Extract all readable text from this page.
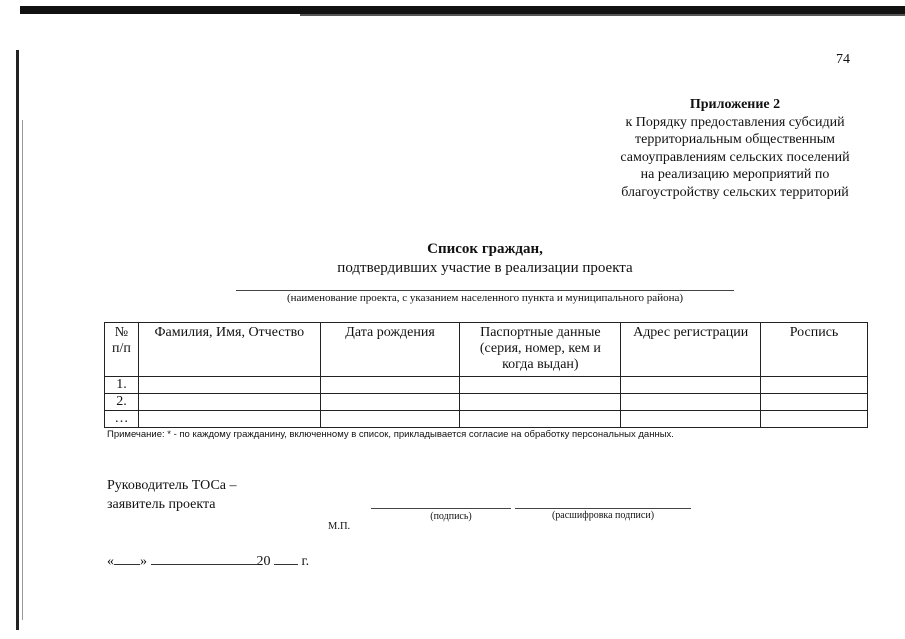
74
Приложение 2
к Порядку предоставления субсидий
территориальным общественным
самоуправлениям сельских поселений
на реализацию мероприятий по
благоустройству сельских территорий
Список граждан,
подтвердивших участие в реализации проекта
(наименование проекта, с указанием населенного пункта и муниципального района)
№ п/п	Фамилия, Имя, Отчество	Дата рождения	Паспортные данные (серия, номер, кем и когда выдан)	Адрес регистрации	Роспись
1.					
2.					
…					
Примечание: * - по каждому гражданину, включенному в список, прикладывается согласие на обработку персональных данных.
Руководитель ТОСа –
заявитель проекта
(подпись)	(расшифровка подписи)
М.П.
« »	20 г.
